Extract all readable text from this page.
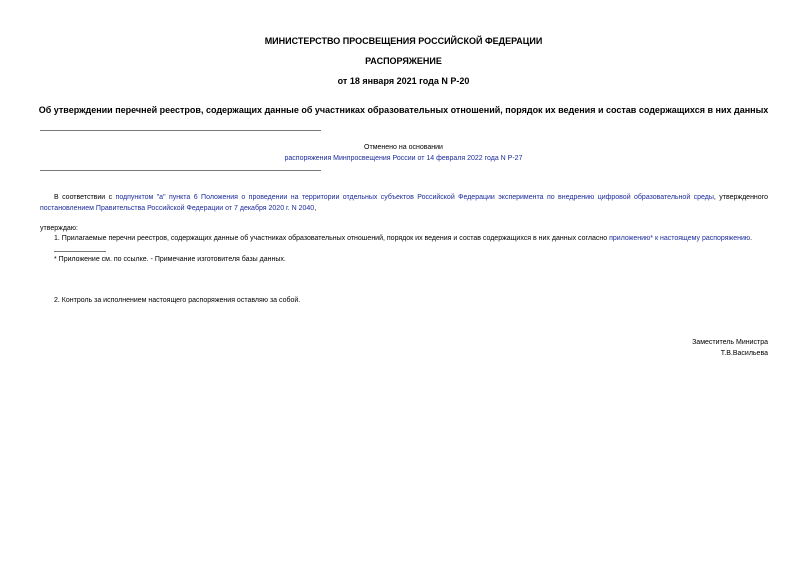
МИНИСТЕРСТВО ПРОСВЕЩЕНИЯ РОССИЙСКОЙ ФЕДЕРАЦИИ
РАСПОРЯЖЕНИЕ
от 18 января 2021 года N Р-20
Об утверждении перечней реестров, содержащих данные об участниках образовательных отношений, порядок их ведения и состав содержащихся в них данных
Отменено на основании
распоряжения Минпросвещения России от 14 февраля 2022 года N Р-27
В соответствии с подпунктом "а" пункта 6 Положения о проведении на территории отдельных субъектов Российской Федерации эксперимента по внедрению цифровой образовательной среды, утвержденного постановлением Правительства Российской Федерации от 7 декабря 2020 г. N 2040,
утверждаю:
1. Прилагаемые перечни реестров, содержащих данные об участниках образовательных отношений, порядок их ведения и состав содержащихся в них данных согласно приложению* к настоящему распоряжению.
* Приложение см. по ссылке. - Примечание изготовителя базы данных.
2. Контроль за исполнением настоящего распоряжения оставляю за собой.
Заместитель Министра
Т.В.Васильева
